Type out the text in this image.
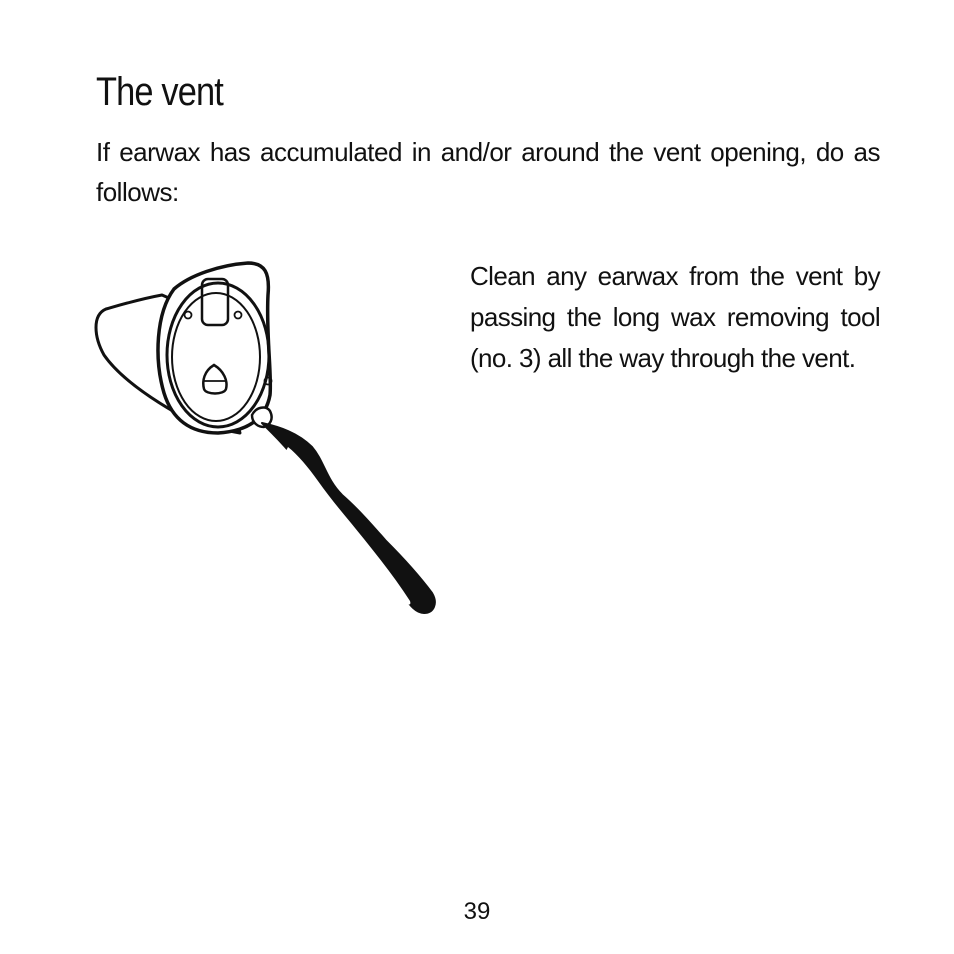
The vent

If earwax has accumulated in and/or around the vent opening, do as follows:

Clean any earwax from the vent by passing the long wax removing tool (no. 3) all the way through the vent.

39
